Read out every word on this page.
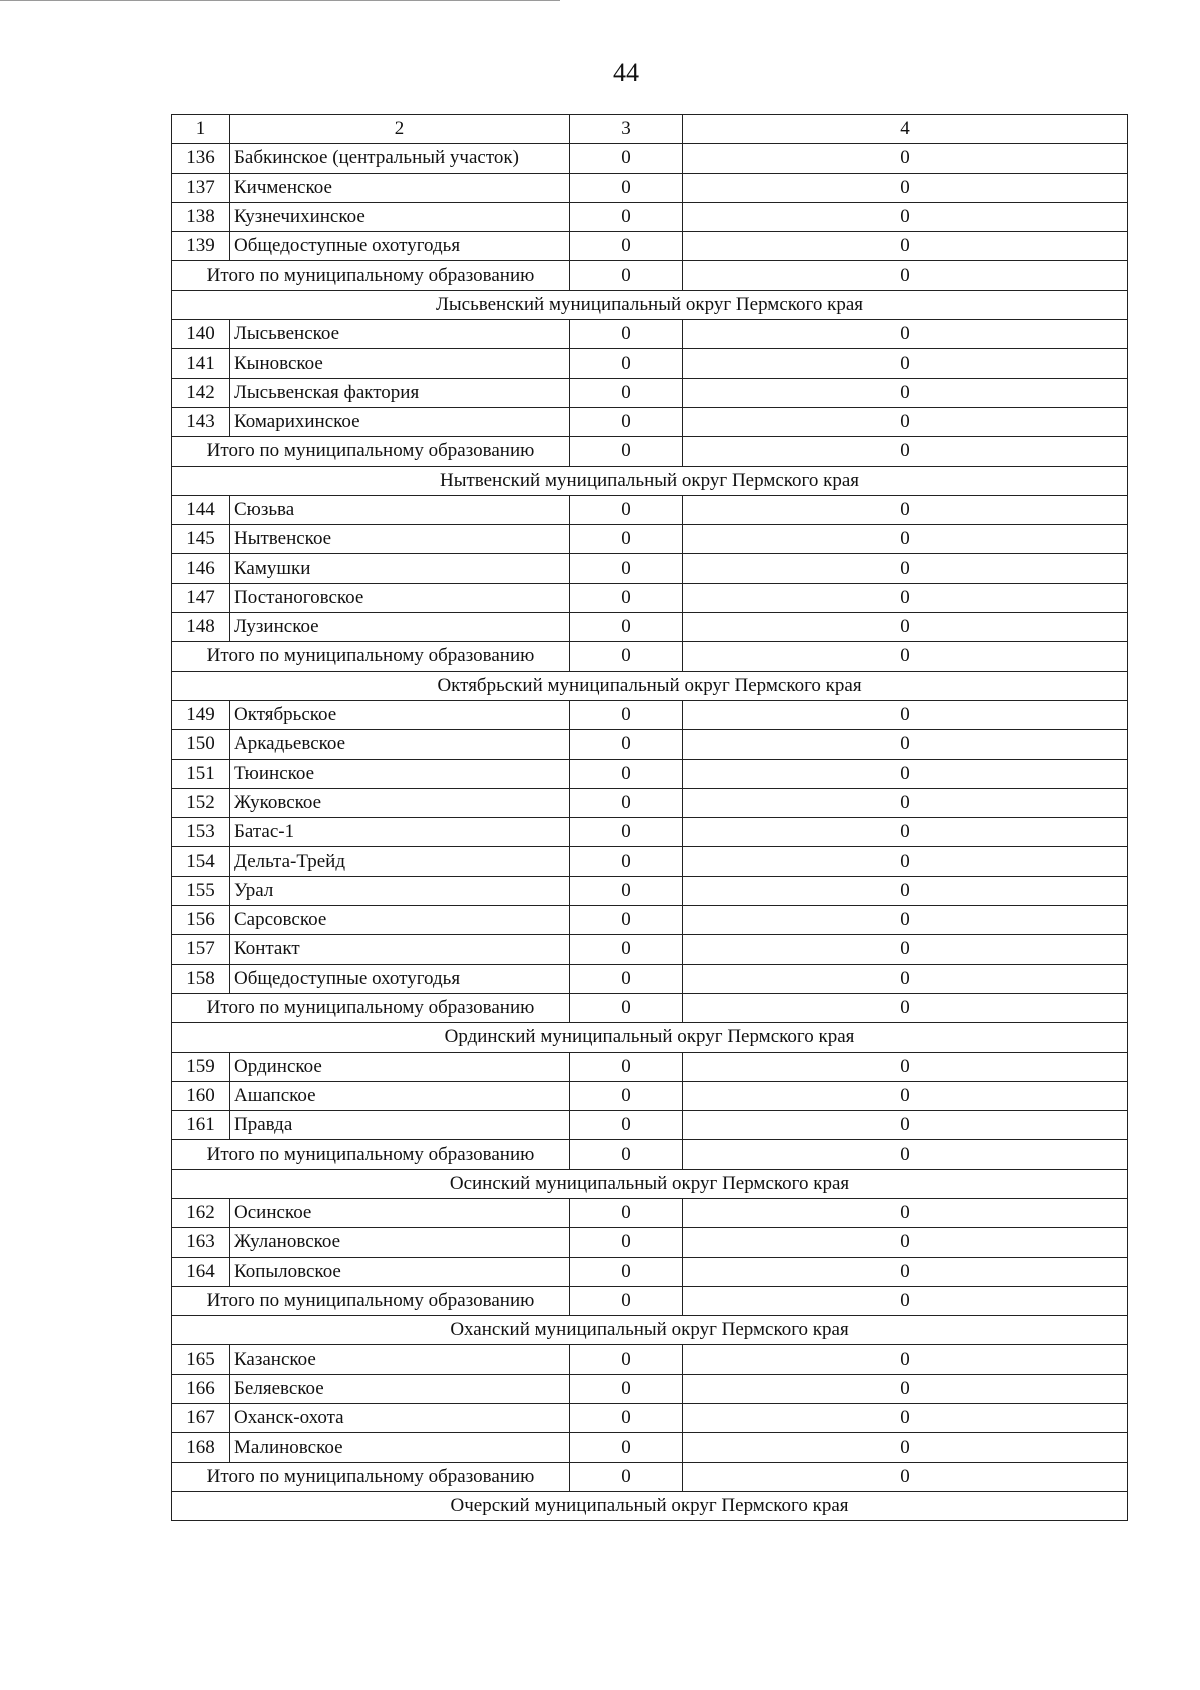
44
1	2	3	4
136	Бабкинское (центральный участок)	0	0
137	Кичменское	0	0
138	Кузнечихинское	0	0
139	Общедоступные охотугодья	0	0
Итого по муниципальному образованию		0	0
Лысьвенский муниципальный округ Пермского края			
140	Лысьвенское	0	0
141	Кыновское	0	0
142	Лысьвенская фактория	0	0
143	Комарихинское	0	0
Итого по муниципальному образованию		0	0
Нытвенский муниципальный округ Пермского края			
144	Сюзьва	0	0
145	Нытвенское	0	0
146	Камушки	0	0
147	Постаноговское	0	0
148	Лузинское	0	0
Итого по муниципальному образованию		0	0
Октябрьский муниципальный округ Пермского края			
149	Октябрьское	0	0
150	Аркадьевское	0	0
151	Тюинское	0	0
152	Жуковское	0	0
153	Батас-1	0	0
154	Дельта-Трейд	0	0
155	Урал	0	0
156	Сарсовское	0	0
157	Контакт	0	0
158	Общедоступные охотугодья	0	0
Итого по муниципальному образованию		0	0
Ординский муниципальный округ Пермского края			
159	Ординское	0	0
160	Ашапское	0	0
161	Правда	0	0
Итого по муниципальному образованию		0	0
Осинский муниципальный округ Пермского края			
162	Осинское	0	0
163	Жулановское	0	0
164	Копыловское	0	0
Итого по муниципальному образованию		0	0
Оханский муниципальный округ Пермского края			
165	Казанское	0	0
166	Беляевское	0	0
167	Оханск-охота	0	0
168	Малиновское	0	0
Итого по муниципальному образованию		0	0
Очерский муниципальный округ Пермского края			
